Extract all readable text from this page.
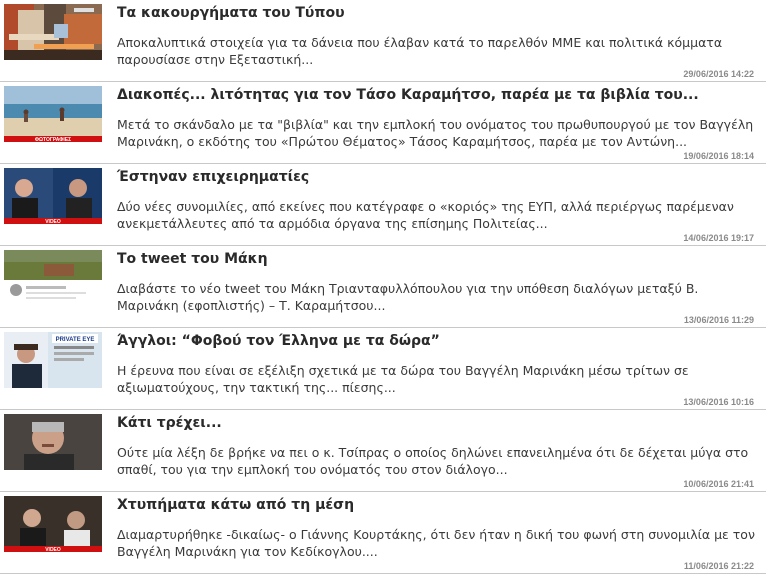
Τα κακουργήματα του Τύπου
Αποκαλυπτικά στοιχεία για τα δάνεια που έλαβαν κατά το παρελθόν ΜΜΕ και πολιτικά κόμματα παρουσίασε στην Εξεταστική...
29/06/2016 14:22
ΦΩΤΟΓΡΑΦΙΕΣ
Διακοπές... λιτότητας για τον Τάσο Καραμήτσο, παρέα με τα βιβλία του...
Μετά το σκάνδαλο με τα "βιβλία" και την εμπλοκή του ονόματος του πρωθυπουργού με τον Βαγγέλη Μαρινάκη, ο εκδότης του «Πρώτου Θέματος» Τάσος Καραμήτσος, παρέα με τον Αντώνη...
19/06/2016 18:14
VIDEO
Έστηναν επιχειρηματίες
Δύο νέες συνομιλίες, από εκείνες που κατέγραφε ο «κοριός» της ΕΥΠ, αλλά περιέργως παρέμεναν ανεκμετάλλευτες από τα αρμόδια όργανα της επίσημης Πολιτείας...
14/06/2016 19:17
Το tweet του Μάκη
Διαβάστε το νέο tweet του Μάκη Τριανταφυλλόπουλου για την υπόθεση διαλόγων μεταξύ Β. Μαρινάκη (εφοπλιστής) – Τ. Καραμήτσου...
13/06/2016 11:29
PRIVATE EYE Άγγλοι: “Φοβού τον Έλληνα με τα δώρα”
Η έρευνα που είναι σε εξέλιξη σχετικά με τα δώρα του Βαγγέλη Μαρινάκη μέσω τρίτων σε αξιωματούχους, την τακτική της... πίεσης...
13/06/2016 10:16
Κάτι τρέχει...
Ούτε μία λέξη δε βρήκε να πει ο κ. Τσίπρας ο οποίος δηλώνει επανειλημένα ότι δε δέχεται μύγα στο σπαθί, του για την εμπλοκή του ονόματός του στον διάλογο...
10/06/2016 21:41
VIDEO
Χτυπήματα κάτω από τη μέση
Διαμαρτυρήθηκε -δικαίως- ο Γιάννης Κουρτάκης, ότι δεν ήταν η δική του φωνή στη συνομιλία με τον Βαγγέλη Μαρινάκη για τον Κεδίκογλου....
11/06/2016 21:22
